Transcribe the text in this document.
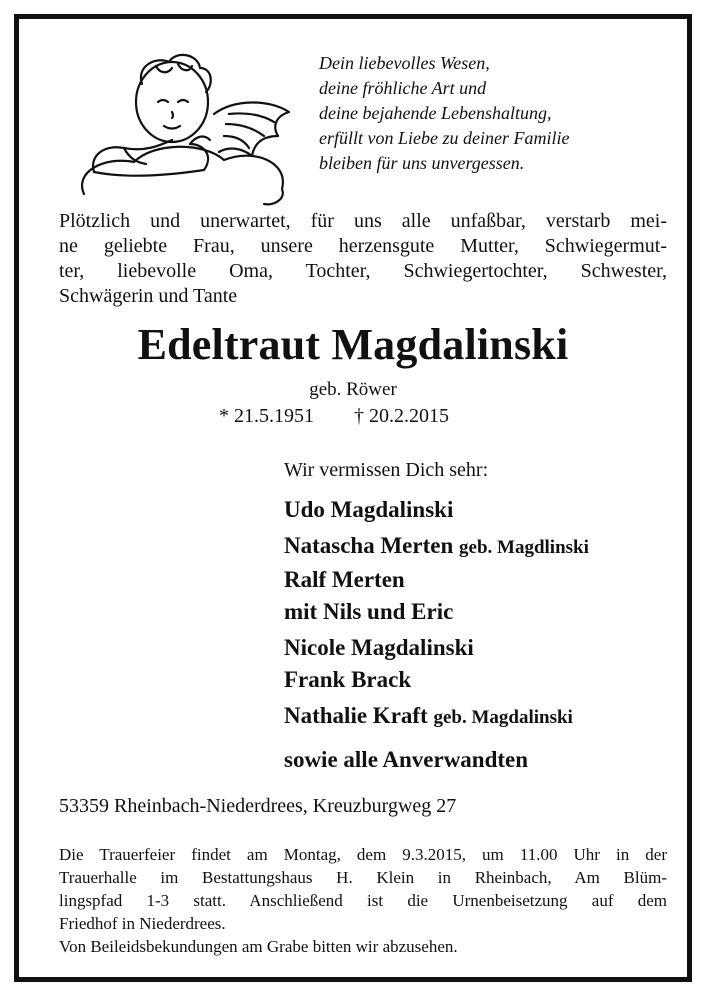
Dein liebevolles Wesen,
deine fröhliche Art und
deine bejahende Lebenshaltung,
erfüllt von Liebe zu deiner Familie
bleiben für uns unvergessen.
Plötzlich und unerwartet, für uns alle unfaßbar, verstarb mei-
ne geliebte Frau, unsere herzensgute Mutter, Schwiegermut-
ter, liebevolle Oma, Tochter, Schwiegertochter, Schwester,
Schwägerin und Tante
Edeltraut Magdalinski
geb. Röwer
* 21.5.1951 † 20.2.2015
Wir vermissen Dich sehr:
Udo Magdalinski
Natascha Merten geb. Magdlinski
Ralf Merten
mit Nils und Eric
Nicole Magdalinski
Frank Brack
Nathalie Kraft geb. Magdalinski
sowie alle Anverwandten
53359 Rheinbach-Niederdrees, Kreuzburgweg 27
Die Trauerfeier findet am Montag, dem 9.3.2015, um 11.00 Uhr in der
Trauerhalle im Bestattungshaus H. Klein in Rheinbach, Am Blüm-
lingspfad 1-3 statt. Anschließend ist die Urnenbeisetzung auf dem
Friedhof in Niederdrees.
Von Beileidsbekundungen am Grabe bitten wir abzusehen.
